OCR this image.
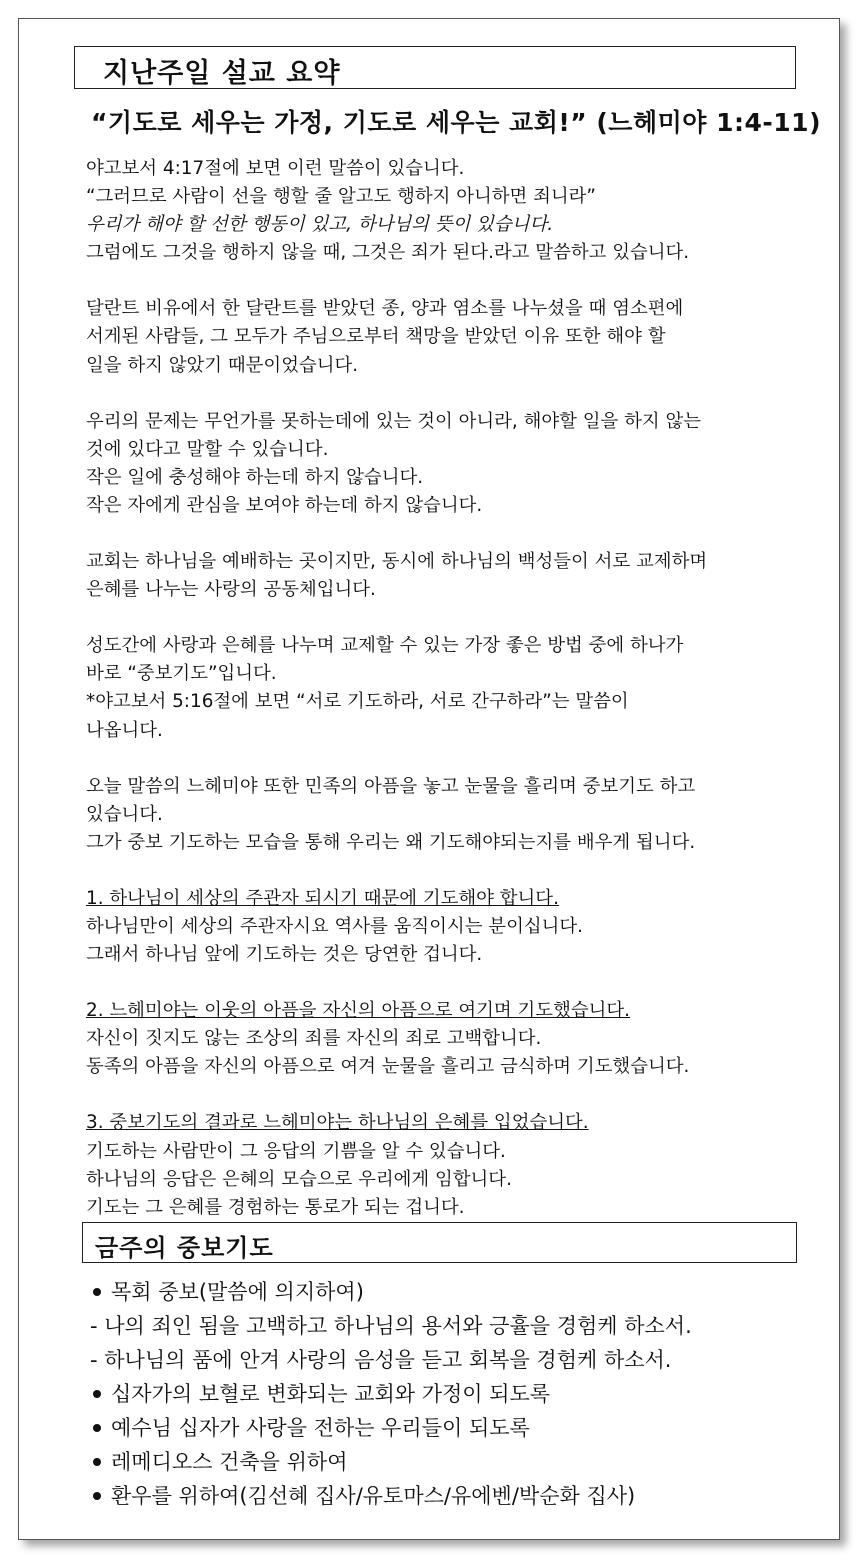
지난주일 설교 요약
“기도로 세우는 가정, 기도로 세우는 교회!” (느헤미야 1:4-11)

야고보서 4:17절에 보면 이런 말씀이 있습니다.

“그러므로 사람이 선을 행할 줄 알고도 행하지 아니하면 죄니라”

우리가 해야 할 선한 행동이 있고, 하나님의 뜻이 있습니다.

그럼에도 그것을 행하지 않을 때, 그것은 죄가 된다.라고 말씀하고 있습니다.

달란트 비유에서 한 달란트를 받았던 종, 양과 염소를 나누셨을 때 염소편에

서게된 사람들, 그 모두가 주님으로부터 책망을 받았던 이유 또한 해야 할

일을 하지 않았기 때문이었습니다.

우리의 문제는 무언가를 못하는데에 있는 것이 아니라, 해야할 일을 하지 않는

것에 있다고 말할 수 있습니다.

작은 일에 충성해야 하는데 하지 않습니다.

작은 자에게 관심을 보여야 하는데 하지 않습니다.

교회는 하나님을 예배하는 곳이지만, 동시에 하나님의 백성들이 서로 교제하며

은혜를 나누는 사랑의 공동체입니다.

성도간에 사랑과 은혜를 나누며 교제할 수 있는 가장 좋은 방법 중에 하나가

바로 “중보기도”입니다.

*야고보서 5:16절에 보면 “서로 기도하라, 서로 간구하라”는 말씀이

나옵니다.

오늘 말씀의 느헤미야 또한 민족의 아픔을 놓고 눈물을 흘리며 중보기도 하고

있습니다.

그가 중보 기도하는 모습을 통해 우리는 왜 기도해야되는지를 배우게 됩니다.

1. 하나님이 세상의 주관자 되시기 때문에 기도해야 합니다.

하나님만이 세상의 주관자시요 역사를 움직이시는 분이십니다.

그래서 하나님 앞에 기도하는 것은 당연한 겁니다.

2. 느헤미야는 이웃의 아픔을 자신의 아픔으로 여기며 기도했습니다.

자신이 짓지도 않는 조상의 죄를 자신의 죄로 고백합니다.

동족의 아픔을 자신의 아픔으로 여겨 눈물을 흘리고 금식하며 기도했습니다.

3. 중보기도의 결과로 느헤미야는 하나님의 은혜를 입었습니다.

기도하는 사람만이 그 응답의 기쁨을 알 수 있습니다.

하나님의 응답은 은혜의 모습으로 우리에게 임합니다.

기도는 그 은혜를 경험하는 통로가 되는 겁니다.

금주의 중보기도
목회 중보(말씀에 의지하여)
- 나의 죄인 됨을 고백하고 하나님의 용서와 긍휼을 경험케 하소서.
- 하나님의 품에 안겨 사랑의 음성을 듣고 회복을 경험케 하소서.
십자가의 보혈로 변화되는 교회와 가정이 되도록
예수님 십자가 사랑을 전하는 우리들이 되도록
레메디오스 건축을 위하여
환우를 위하여(김선혜 집사/유토마스/유에벤/박순화 집사)
